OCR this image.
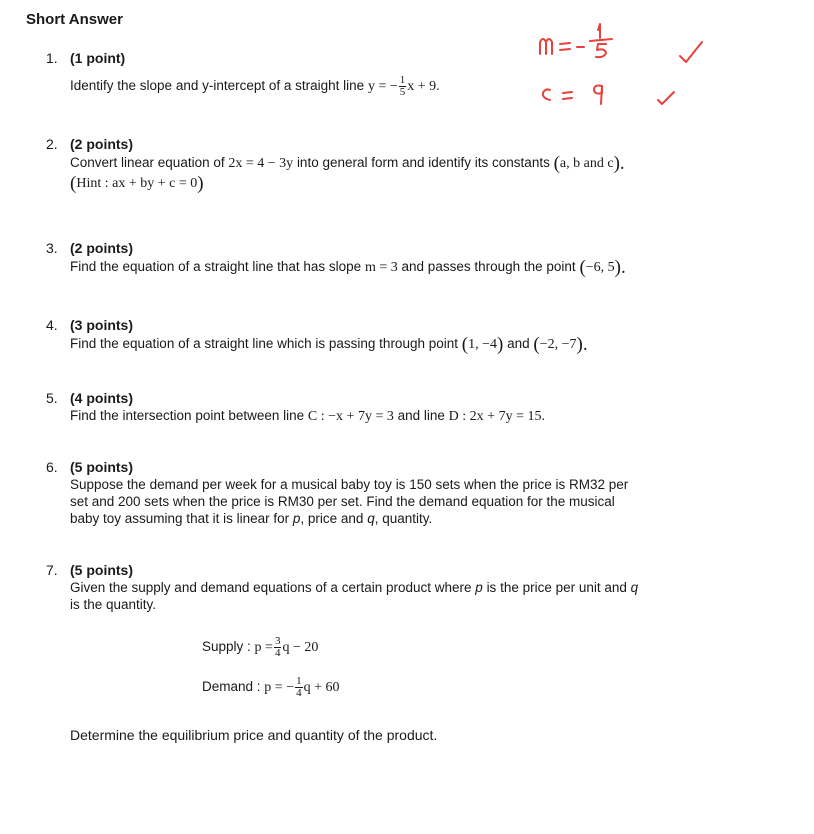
Short Answer
1. (1 point)
Identify the slope and y-intercept of a straight line y = − $\frac{1}{5}$ x + 9.
2. (2 points)
Convert linear equation of 2x = 4 − 3y into general form and identify its constants (a, b and c).
(Hint : ax + by + c = 0)
3. (2 points)
Find the equation of a straight line that has slope m = 3 and passes through the point (−6, 5).
4. (3 points)
Find the equation of a straight line which is passing through point (1, −4) and (−2, −7).
5. (4 points)
Find the intersection point between line C : −x + 7y = 3 and line D : 2x + 7y = 15.
6. (5 points)
Suppose the demand per week for a musical baby toy is 150 sets when the price is RM32 per
set and 200 sets when the price is RM30 per set. Find the demand equation for the musical
baby toy assuming that it is linear for p, price and q, quantity.
7. (5 points)
Given the supply and demand equations of a certain product where p is the price per unit and q
is the quantity.
Supply : $p = \frac{3}{4}$ q − 20
Demand : p = − $\frac{1}{4}$ q + 60
Determine the equilibrium price and quantity of the product.
